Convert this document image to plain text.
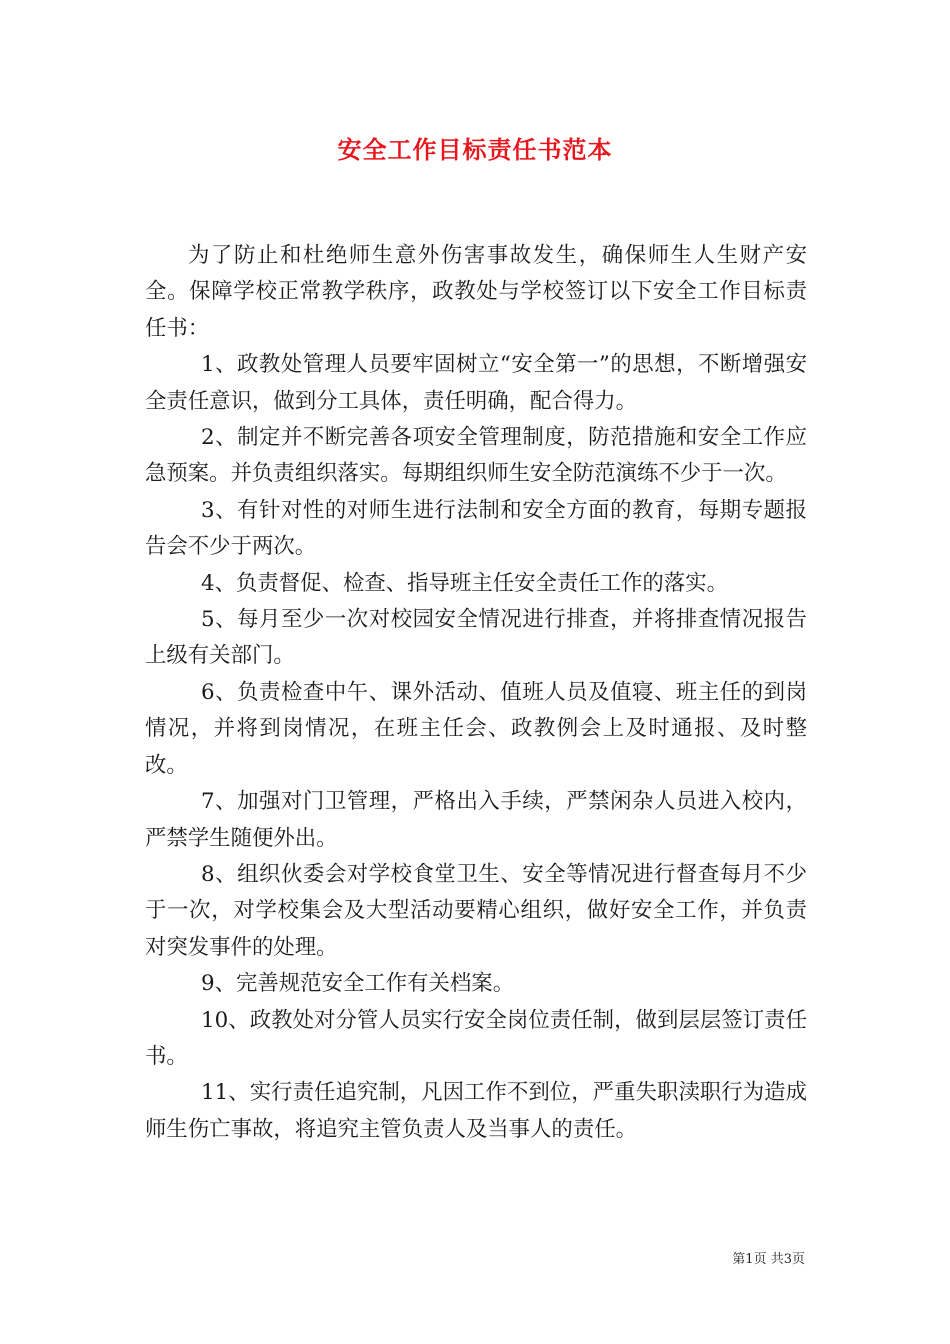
安全工作目标责任书范本

为了防止和杜绝师生意外伤害事故发生，确保师生人生财产安全。保障学校正常教学秩序，政教处与学校签订以下安全工作目标责任书：

1、政教处管理人员要牢固树立“安全第一”的思想，不断增强安全责任意识，做到分工具体，责任明确，配合得力。

2、制定并不断完善各项安全管理制度，防范措施和安全工作应急预案。并负责组织落实。每期组织师生安全防范演练不少于一次。

3、有针对性的对师生进行法制和安全方面的教育，每期专题报告会不少于两次。

4、负责督促、检查、指导班主任安全责任工作的落实。

5、每月至少一次对校园安全情况进行排查，并将排查情况报告上级有关部门。

6、负责检查中午、课外活动、值班人员及值寝、班主任的到岗情况，并将到岗情况，在班主任会、政教例会上及时通报、及时整改。

7、加强对门卫管理，严格出入手续，严禁闲杂人员进入校内，严禁学生随便外出。

8、组织伙委会对学校食堂卫生、安全等情况进行督查每月不少于一次，对学校集会及大型活动要精心组织，做好安全工作，并负责对突发事件的处理。

9、完善规范安全工作有关档案。

10、政教处对分管人员实行安全岗位责任制，做到层层签订责任书。

11、实行责任追究制，凡因工作不到位，严重失职渎职行为造成师生伤亡事故，将追究主管负责人及当事人的责任。

第1页 共3页
